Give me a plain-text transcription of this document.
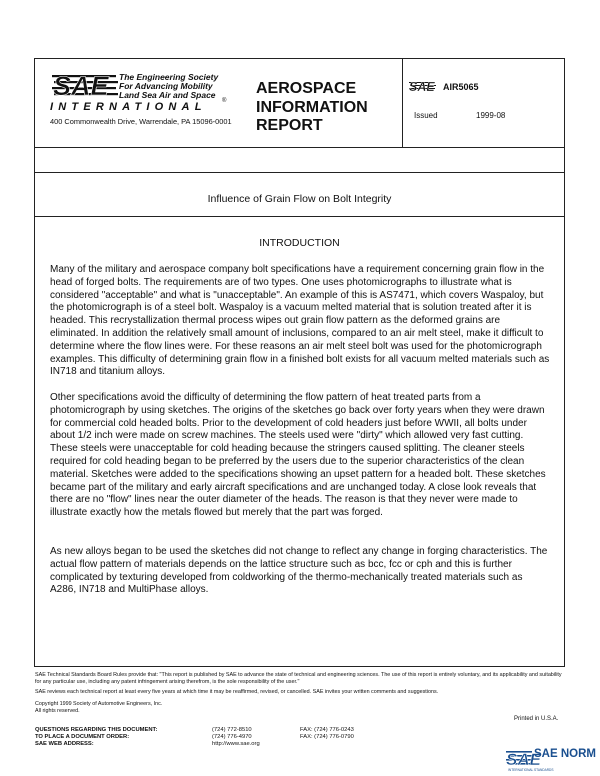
SAE The Engineering Society
For Advancing Mobility
Land Sea Air and Space
®
INTERNATIONAL
400 Commonwealth Drive, Warrendale, PA 15096-0001
AEROSPACE
INFORMATION
REPORT
SAE AIR5065
Issued	1999-08
Influence of Grain Flow on Bolt Integrity
INTRODUCTION

Many of the military and aerospace company bolt specifications have a requirement concerning grain flow in the head of forged bolts. The requirements are of two types. One uses photomicrographs to illustrate what is considered "acceptable" and what is "unacceptable". An example of this is AS7471, which covers Waspaloy, but the photomicrograph is of a steel bolt. Waspaloy is a vacuum melted material that is solution treated after it is headed. This recrystallization thermal process wipes out grain flow pattern as the deformed grains are eliminated. In addition the relatively small amount of inclusions, compared to an air melt steel, make it difficult to determine where the flow lines were. For these reasons an air melt steel bolt was used for the photomicrograph examples. This difficulty of determining grain flow in a finished bolt exists for all vacuum melted materials such as IN718 and titanium alloys.

Other specifications avoid the difficulty of determining the flow pattern of heat treated parts from a photomicrograph by using sketches. The origins of the sketches go back over forty years when they were drawn for commercial cold headed bolts. Prior to the development of cold headers just before WWII, all bolts under about 1/2 inch were made on screw machines. The steels used were "dirty" which allowed very fast cutting. These steels were unacceptable for cold heading because the stringers caused splitting. The cleaner steels required for cold heading began to be preferred by the users due to the superior characteristics of the clean material. Sketches were added to the specifications showing an upset pattern for a headed bolt. These sketches became part of the military and early aircraft specifications and are unchanged today. A close look reveals that there are no "flow" lines near the outer diameter of the heads. The reason is that they never were made to illustrate exactly how the metals flowed but merely that the part was forged.

As new alloys began to be used the sketches did not change to reflect any change in forging characteristics. The actual flow pattern of materials depends on the lattice structure such as bcc, fcc or cph and this is further complicated by texturing developed from coldworking of the thermo-mechanically treated materials such as A286, IN718 and MultiPhase alloys.

SAE Technical Standards Board Rules provide that: "This report is published by SAE to advance the state of technical and engineering sciences. The use of this report is entirely voluntary, and its applicability and suitability for any particular use, including any patent infringement arising therefrom, is the sole responsibility of the user."

SAE reviews each technical report at least every five years at which time it may be reaffirmed, revised, or cancelled. SAE invites your written comments and suggestions.

Copyright 1999 Society of Automotive Engineers, Inc.
All rights reserved.
Printed in U.S.A.
QUESTIONS REGARDING THIS DOCUMENT:
TO PLACE A DOCUMENT ORDER:
SAE WEB ADDRESS:
(724) 772-8510
(724) 776-4970
http://www.sae.org
FAX: (724) 776-0243
FAX: (724) 776-0790
SAE
INTERNATIONAL STANDARDS
SAE NORM
